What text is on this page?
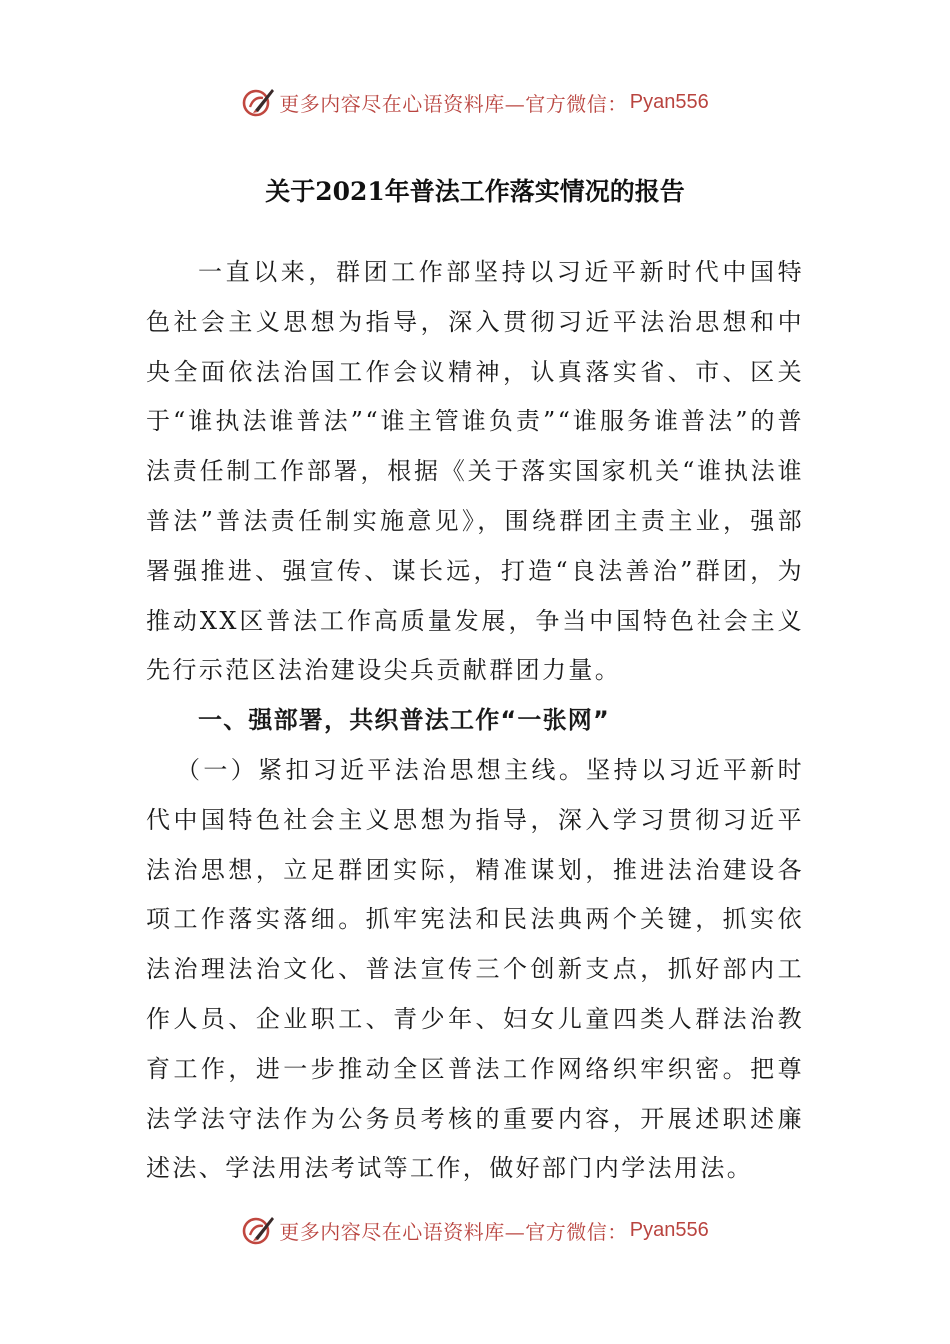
更多内容尽在心语资料库—官方微信： Pyan556
关于2021年普法工作落实情况的报告

一直以来，群团工作部坚持以习近平新时代中国特色社会主义思想为指导，深入贯彻习近平法治思想和中央全面依法治国工作会议精神，认真落实省、市、区关于“谁执法谁普法”“谁主管谁负责”“谁服务谁普法”的普法责任制工作部署，根据《关于落实国家机关“谁执法谁普法”普法责任制实施意见》，围绕群团主责主业，强部署强推进、强宣传、谋长远，打造“良法善治”群团，为推动XX区普法工作高质量发展，争当中国特色社会主义先行示范区法治建设尖兵贡献群团力量。

一、强部署，共织普法工作“一张网”

（一）紧扣习近平法治思想主线。坚持以习近平新时代中国特色社会主义思想为指导，深入学习贯彻习近平法治思想，立足群团实际，精准谋划，推进法治建设各项工作落实落细。抓牢宪法和民法典两个关键，抓实依法治理法治文化、普法宣传三个创新支点，抓好部内工作人员、企业职工、青少年、妇女儿童四类人群法治教育工作，进一步推动全区普法工作网络织牢织密。把尊法学法守法作为公务员考核的重要内容，开展述职述廉述法、学法用法考试等工作，做好部门内学法用法。

更多内容尽在心语资料库—官方微信： Pyan556
